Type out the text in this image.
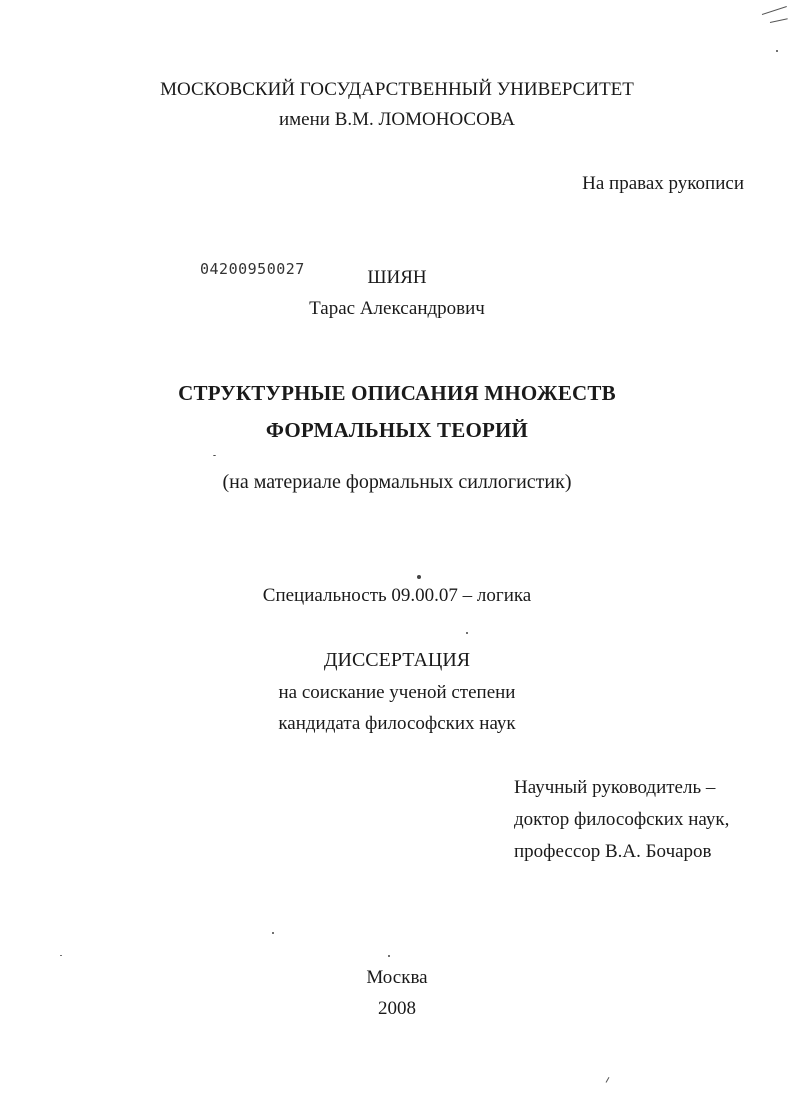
МОСКОВСКИЙ ГОСУДАРСТВЕННЫЙ УНИВЕРСИТЕТ
имени В.М. ЛОМОНОСОВА
На правах рукописи
04200950027	ШИЯН
Тарас Александрович
СТРУКТУРНЫЕ ОПИСАНИЯ МНОЖЕСТВ
ФОРМАЛЬНЫХ ТЕОРИЙ
(на материале формальных силлогистик)
Специальность 09.00.07 – логика
ДИССЕРТАЦИЯ
на соискание ученой степени
кандидата философских наук
Научный руководитель –
доктор философских наук,
профессор В.А. Бочаров
Москва
2008
